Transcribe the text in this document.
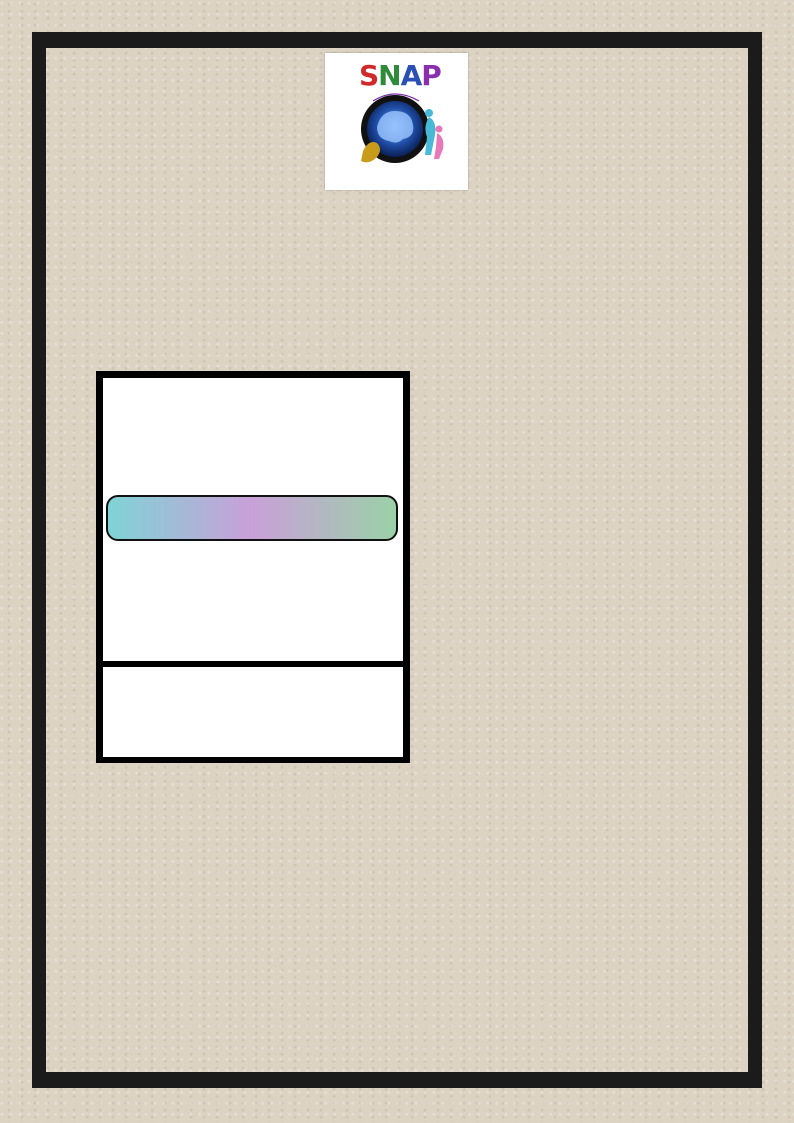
SNAP
